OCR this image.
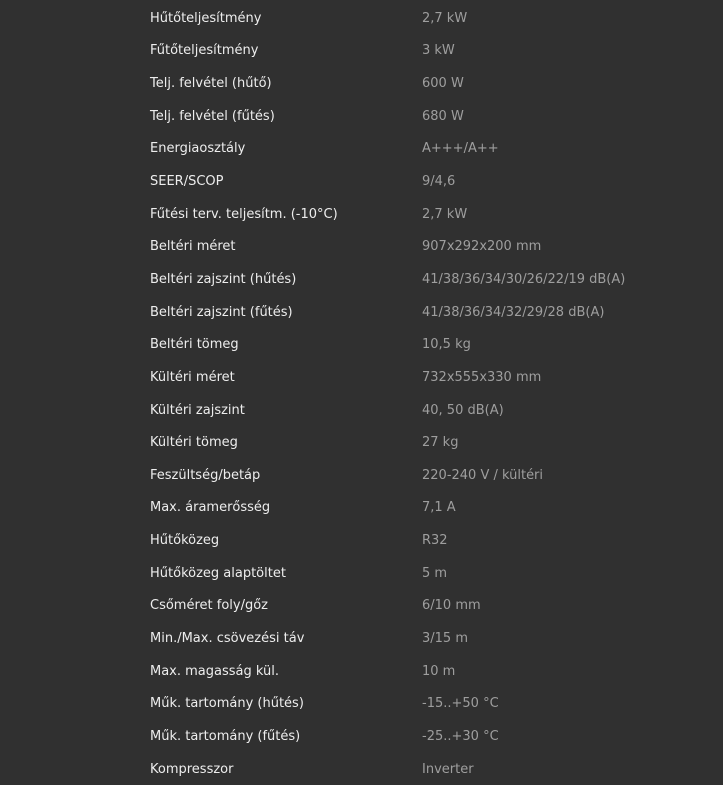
Hűtőteljesítmény	2,7 kW
Fűtőteljesítmény	3 kW
Telj. felvétel (hűtő)	600 W
Telj. felvétel (fűtés)	680 W
Energiaosztály	A+++/A++
SEER/SCOP	9/4,6
Fűtési terv. teljesítm. (-10°C)	2,7 kW
Beltéri méret	907x292x200 mm
Beltéri zajszint (hűtés)	41/38/36/34/30/26/22/19 dB(A)
Beltéri zajszint (fűtés)	41/38/36/34/32/29/28 dB(A)
Beltéri tömeg	10,5 kg
Kültéri méret	732x555x330 mm
Kültéri zajszint	40, 50 dB(A)
Kültéri tömeg	27 kg
Feszültség/betáp	220-240 V / kültéri
Max. áramerősség	7,1 A
Hűtőközeg	R32
Hűtőközeg alaptöltet	5 m
Csőméret foly/gőz	6/10 mm
Min./Max. csövezési táv	3/15 m
Max. magasság kül.	10 m
Műk. tartomány (hűtés)	-15..+50 °C
Műk. tartomány (fűtés)	-25..+30 °C
Kompresszor	Inverter
